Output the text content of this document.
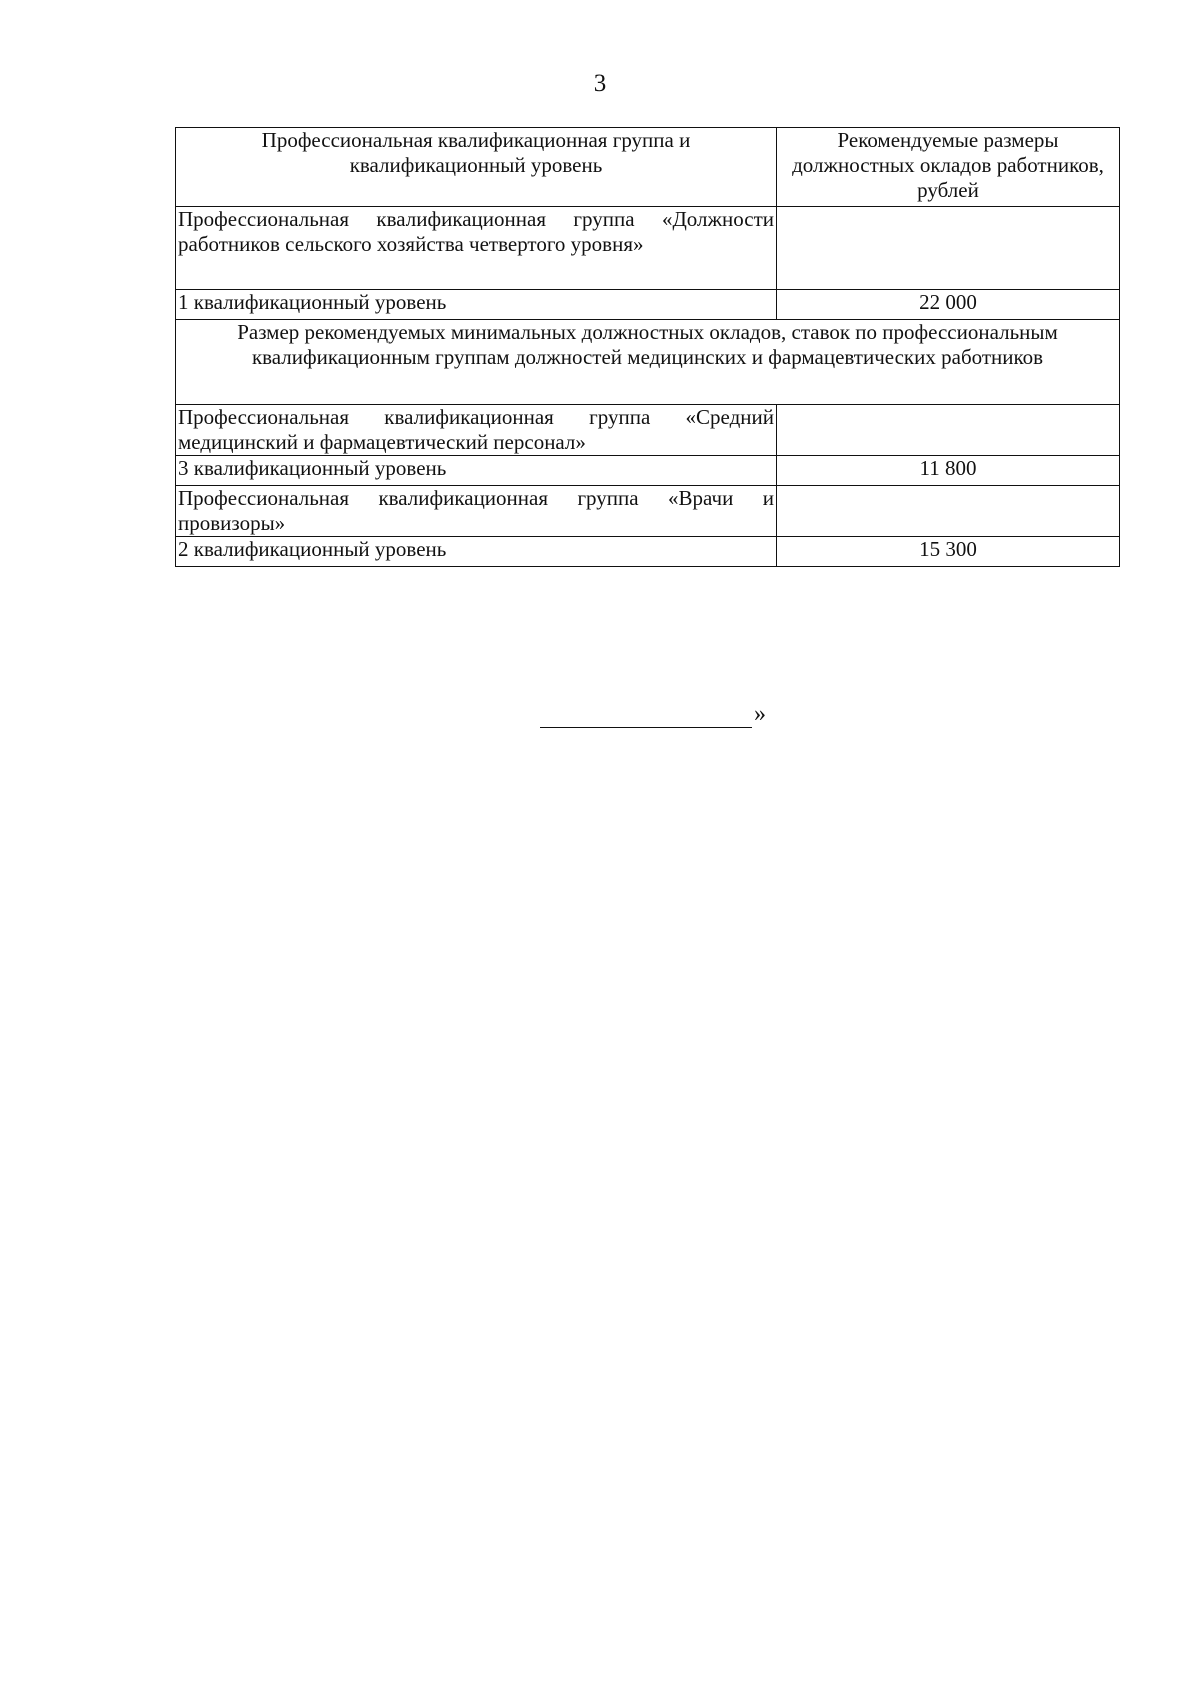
3
Профессиональная квалификационная группа и квалификационный уровень	Рекомендуемые размеры должностных окладов работников, рублей
Профессиональная квалификационная группа «Должности работников сельского хозяйства четвертого уровня»	
1 квалификационный уровень	22 000
Размер рекомендуемых минимальных должностных окладов, ставок по профессиональным квалификационным группам должностей медицинских и фармацевтических работников	
Профессиональная квалификационная группа «Средний медицинский и фармацевтический персонал»	
3 квалификационный уровень	11 800
Профессиональная квалификационная группа «Врачи и провизоры»	
2 квалификационный уровень	15 300
»
